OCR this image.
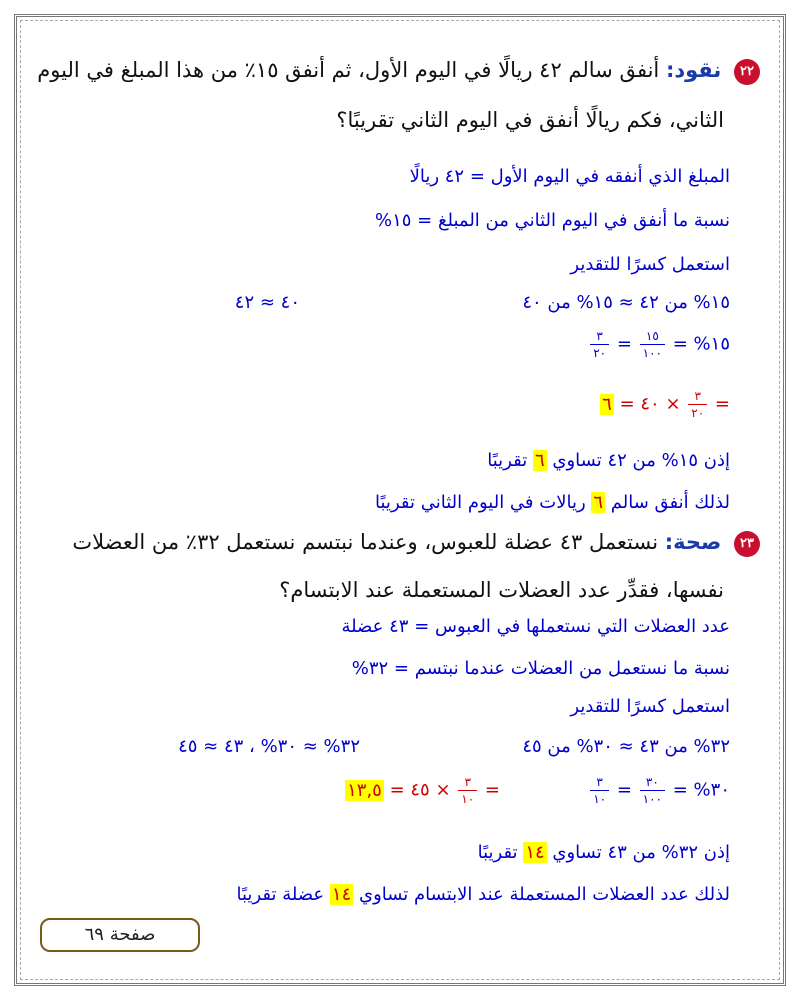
٢٢ نقود: أنفق سالم ٤٢ ريالًا في اليوم الأول، ثم أنفق ١٥٪ من هذا المبلغ في اليوم
الثاني، فكم ريالًا أنفق في اليوم الثاني تقريبًا؟
المبلغ الذي أنفقه في اليوم الأول = ٤٢ ريالًا
نسبة ما أنفق في اليوم الثاني من المبلغ = ١٥%
استعمل كسرًا للتقدير
١٥% من ٤٢ ≈ ١٥% من ٤٠
٤٠ ≈ ٤٢
١٥% =
$\frac{١٥}{١٠٠}$
=
$\frac{٣}{٢٠}$
=
$\frac{٣}{٢٠}$
× ٤٠ = ٦
إذن ١٥% من ٤٢ تساوي ٦ تقريبًا
لذلك أنفق سالم ٦ ريالات في اليوم الثاني تقريبًا
٢٣ صحة: نستعمل ٤٣ عضلة للعبوس، وعندما نبتسم نستعمل ٣٢٪ من العضلات
نفسها، فقدِّر عدد العضلات المستعملة عند الابتسام؟
عدد العضلات التي نستعملها في العبوس = ٤٣ عضلة
نسبة ما نستعمل من العضلات عندما نبتسم = ٣٢%
استعمل كسرًا للتقدير
٣٢% من ٤٣ ≈ ٣٠% من ٤٥
٣٢% ≈ ٣٠% ، ٤٣ ≈ ٤٥
٣٠% =
$\frac{٣٠}{١٠٠}$
=
$\frac{٣}{١٠}$
=
$\frac{٣}{١٠}$
× ٤٥ = ١٣,٥
إذن ٣٢% من ٤٣ تساوي ١٤ تقريبًا
لذلك عدد العضلات المستعملة عند الابتسام تساوي ١٤ عضلة تقريبًا
صفحة ٦٩
